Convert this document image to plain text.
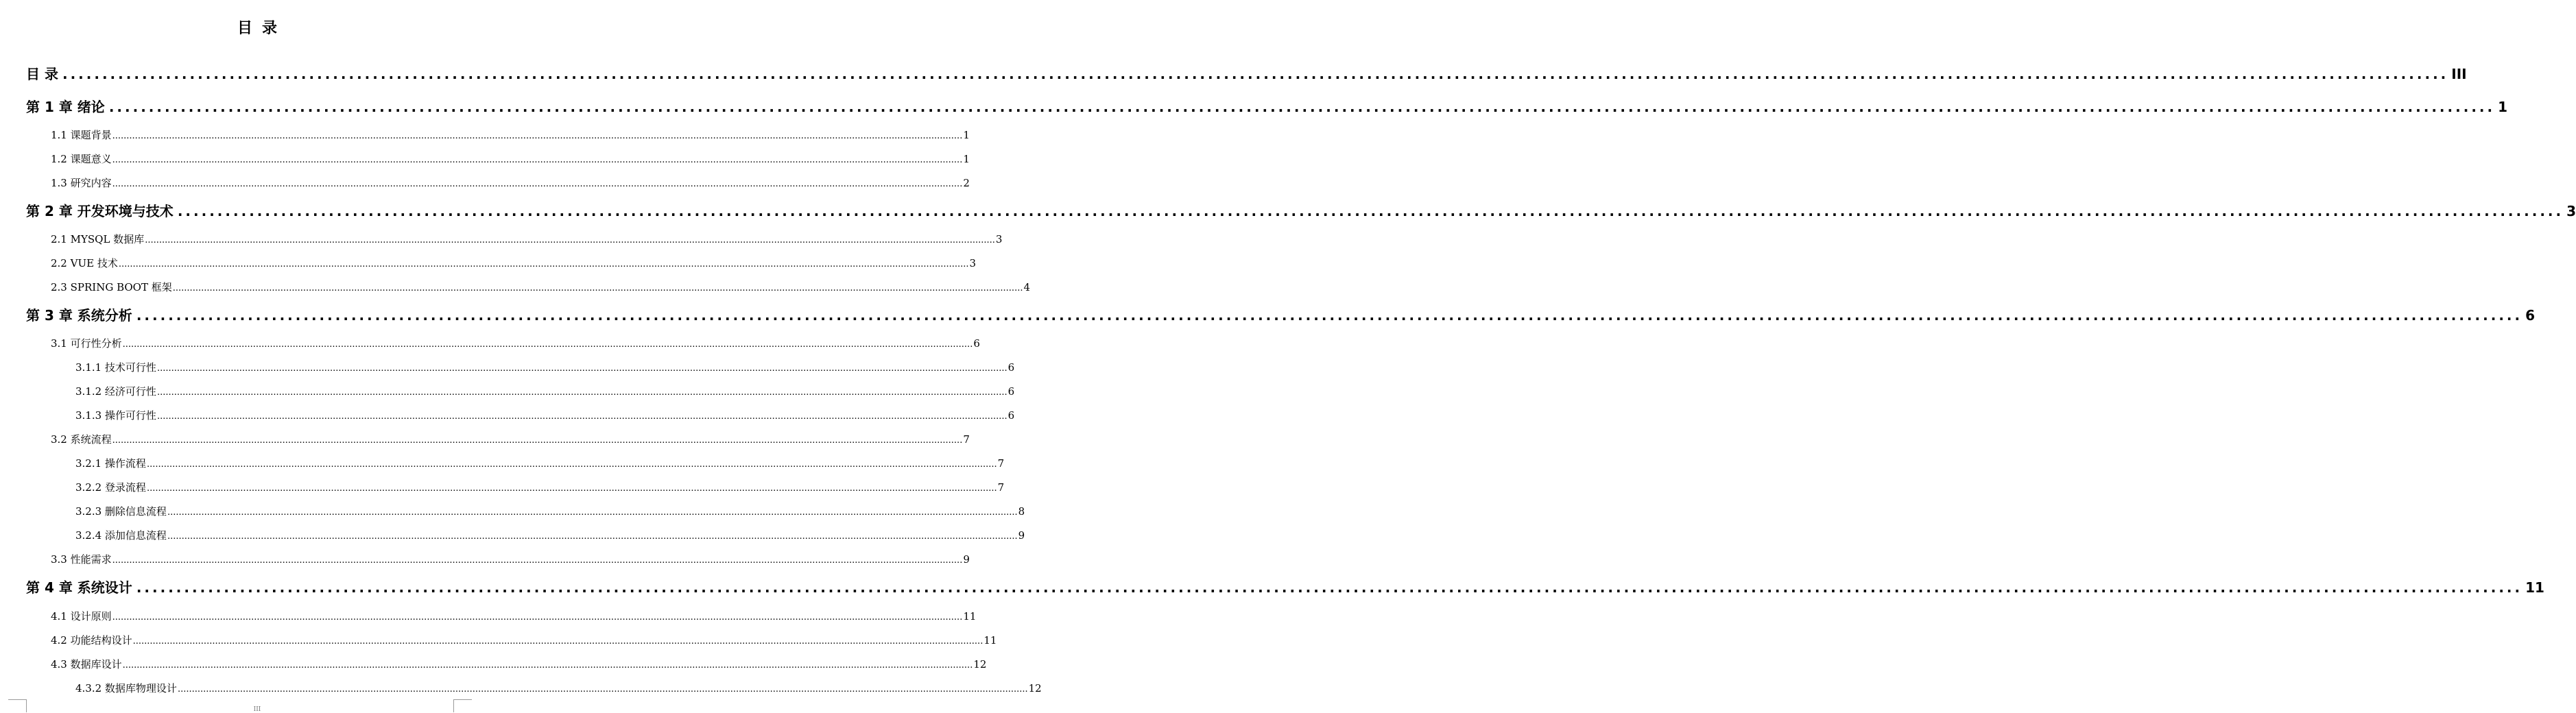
目录
目 录 ............................................................................................................................................................................................................................................................................................................ III
第 1 章 绪论 ............................................................................................................................................................................................................................................................................................................ 1
1.1 课题背景 ............................................................................................................................................................................................................................................................................................................ 1
1.2 课题意义 ............................................................................................................................................................................................................................................................................................................ 1
1.3 研究内容 ............................................................................................................................................................................................................................................................................................................ 2
第 2 章 开发环境与技术 ............................................................................................................................................................................................................................................................................................................ 3
2.1 MYSQL 数据库 ............................................................................................................................................................................................................................................................................................................ 3
2.2 VUE 技术 ............................................................................................................................................................................................................................................................................................................ 3
2.3 SPRING BOOT 框架 ............................................................................................................................................................................................................................................................................................................ 4
第 3 章 系统分析 ............................................................................................................................................................................................................................................................................................................ 6
3.1 可行性分析 ............................................................................................................................................................................................................................................................................................................ 6
3.1.1 技术可行性 ............................................................................................................................................................................................................................................................................................................ 6
3.1.2 经济可行性 ............................................................................................................................................................................................................................................................................................................ 6
3.1.3 操作可行性 ............................................................................................................................................................................................................................................................................................................ 6
3.2 系统流程 ............................................................................................................................................................................................................................................................................................................ 7
3.2.1 操作流程 ............................................................................................................................................................................................................................................................................................................ 7
3.2.2 登录流程 ............................................................................................................................................................................................................................................................................................................ 7
3.2.3 删除信息流程 ............................................................................................................................................................................................................................................................................................................ 8
3.2.4 添加信息流程 ............................................................................................................................................................................................................................................................................................................ 9
3.3 性能需求 ............................................................................................................................................................................................................................................................................................................ 9
第 4 章 系统设计 ............................................................................................................................................................................................................................................................................................................ 11
4.1 设计原则 ............................................................................................................................................................................................................................................................................................................ 11
4.2 功能结构设计 ............................................................................................................................................................................................................................................................................................................ 11
4.3 数据库设计 ............................................................................................................................................................................................................................................................................................................ 12
4.3.2 数据库物理设计 ............................................................................................................................................................................................................................................................................................................ 12
III
